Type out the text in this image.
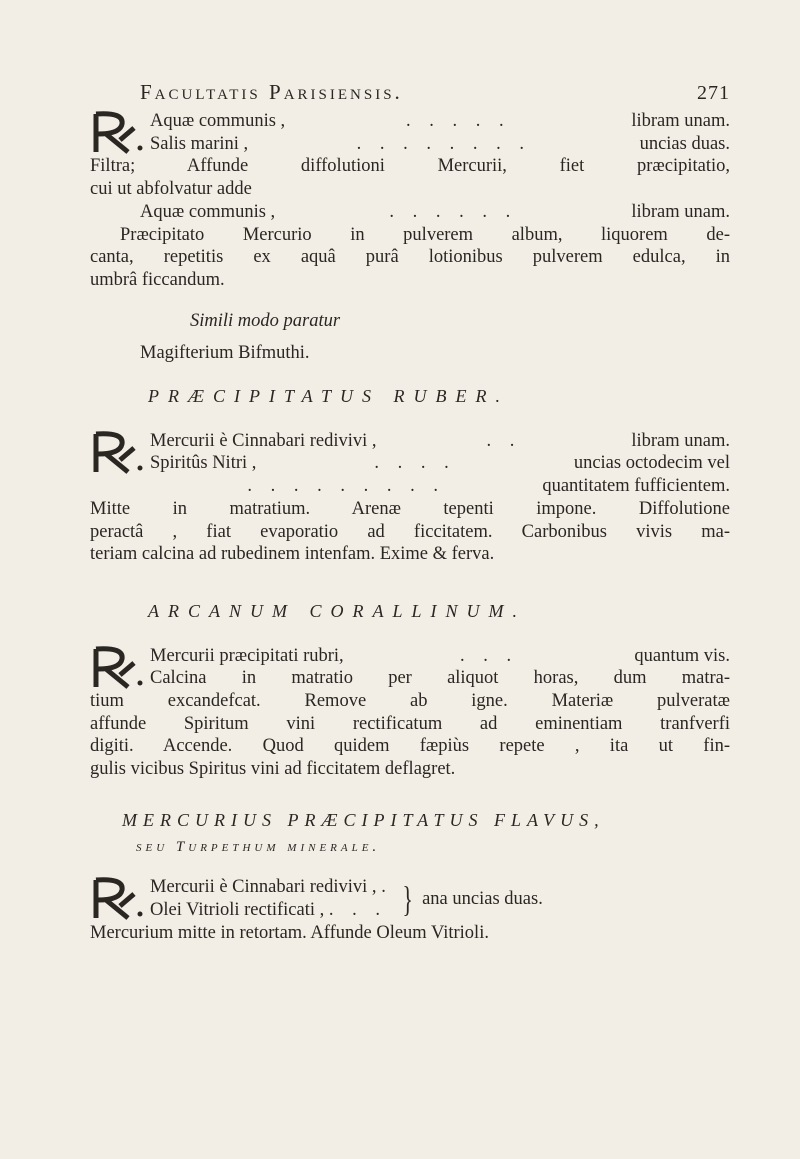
Facultatis Parisiensis.	271
Aquæ communis ,	. . . . .	libram unam.
Salis marini ,	. . . . . . . .	uncias duas.
Filtra; Affunde diffolutioni Mercurii, fiet præcipitatio,
cui ut abfolvatur adde
Aquæ communis ,	. . . . . .	libram unam.
Præcipitato Mercurio in pulverem album, liquorem de-
canta, repetitis ex aquâ purâ lotionibus pulverem edulca, in
umbrâ ficcandum.
Simili modo paratur
Magifterium Bifmuthi.
PRÆCIPITATUS RUBER.
Mercurii è Cinnabari redivivi ,	. .	libram unam.
Spiritûs Nitri ,	. . . .	uncias octodecim vel
. . . . . . . . .	quantitatem fufficientem.
Mitte in matratium. Arenæ tepenti impone. Diffolutione
peractâ , fiat evaporatio ad ficcitatem. Carbonibus vivis ma-
teriam calcina ad rubedinem intenfam. Exime & ferva.
ARCANUM CORALLINUM.
Mercurii præcipitati rubri,	. . .	quantum vis.
Calcina in matratio per aliquot horas, dum matra-
tium excandefcat. Remove ab igne. Materiæ pulveratæ
affunde Spiritum vini rectificatum ad eminentiam tranfverfi
digiti. Accende. Quod quidem fæpiùs repete , ita ut fin-
gulis vicibus Spiritus vini ad ficcitatem deflagret.
MERCURIUS PRÆCIPITATUS FLAVUS,
seu Turpethum minerale.
Mercurii è Cinnabari redivivi , .
Olei Vitrioli rectificati , . . . } ana uncias duas.
Mercurium mitte in retortam. Affunde Oleum Vitrioli.
